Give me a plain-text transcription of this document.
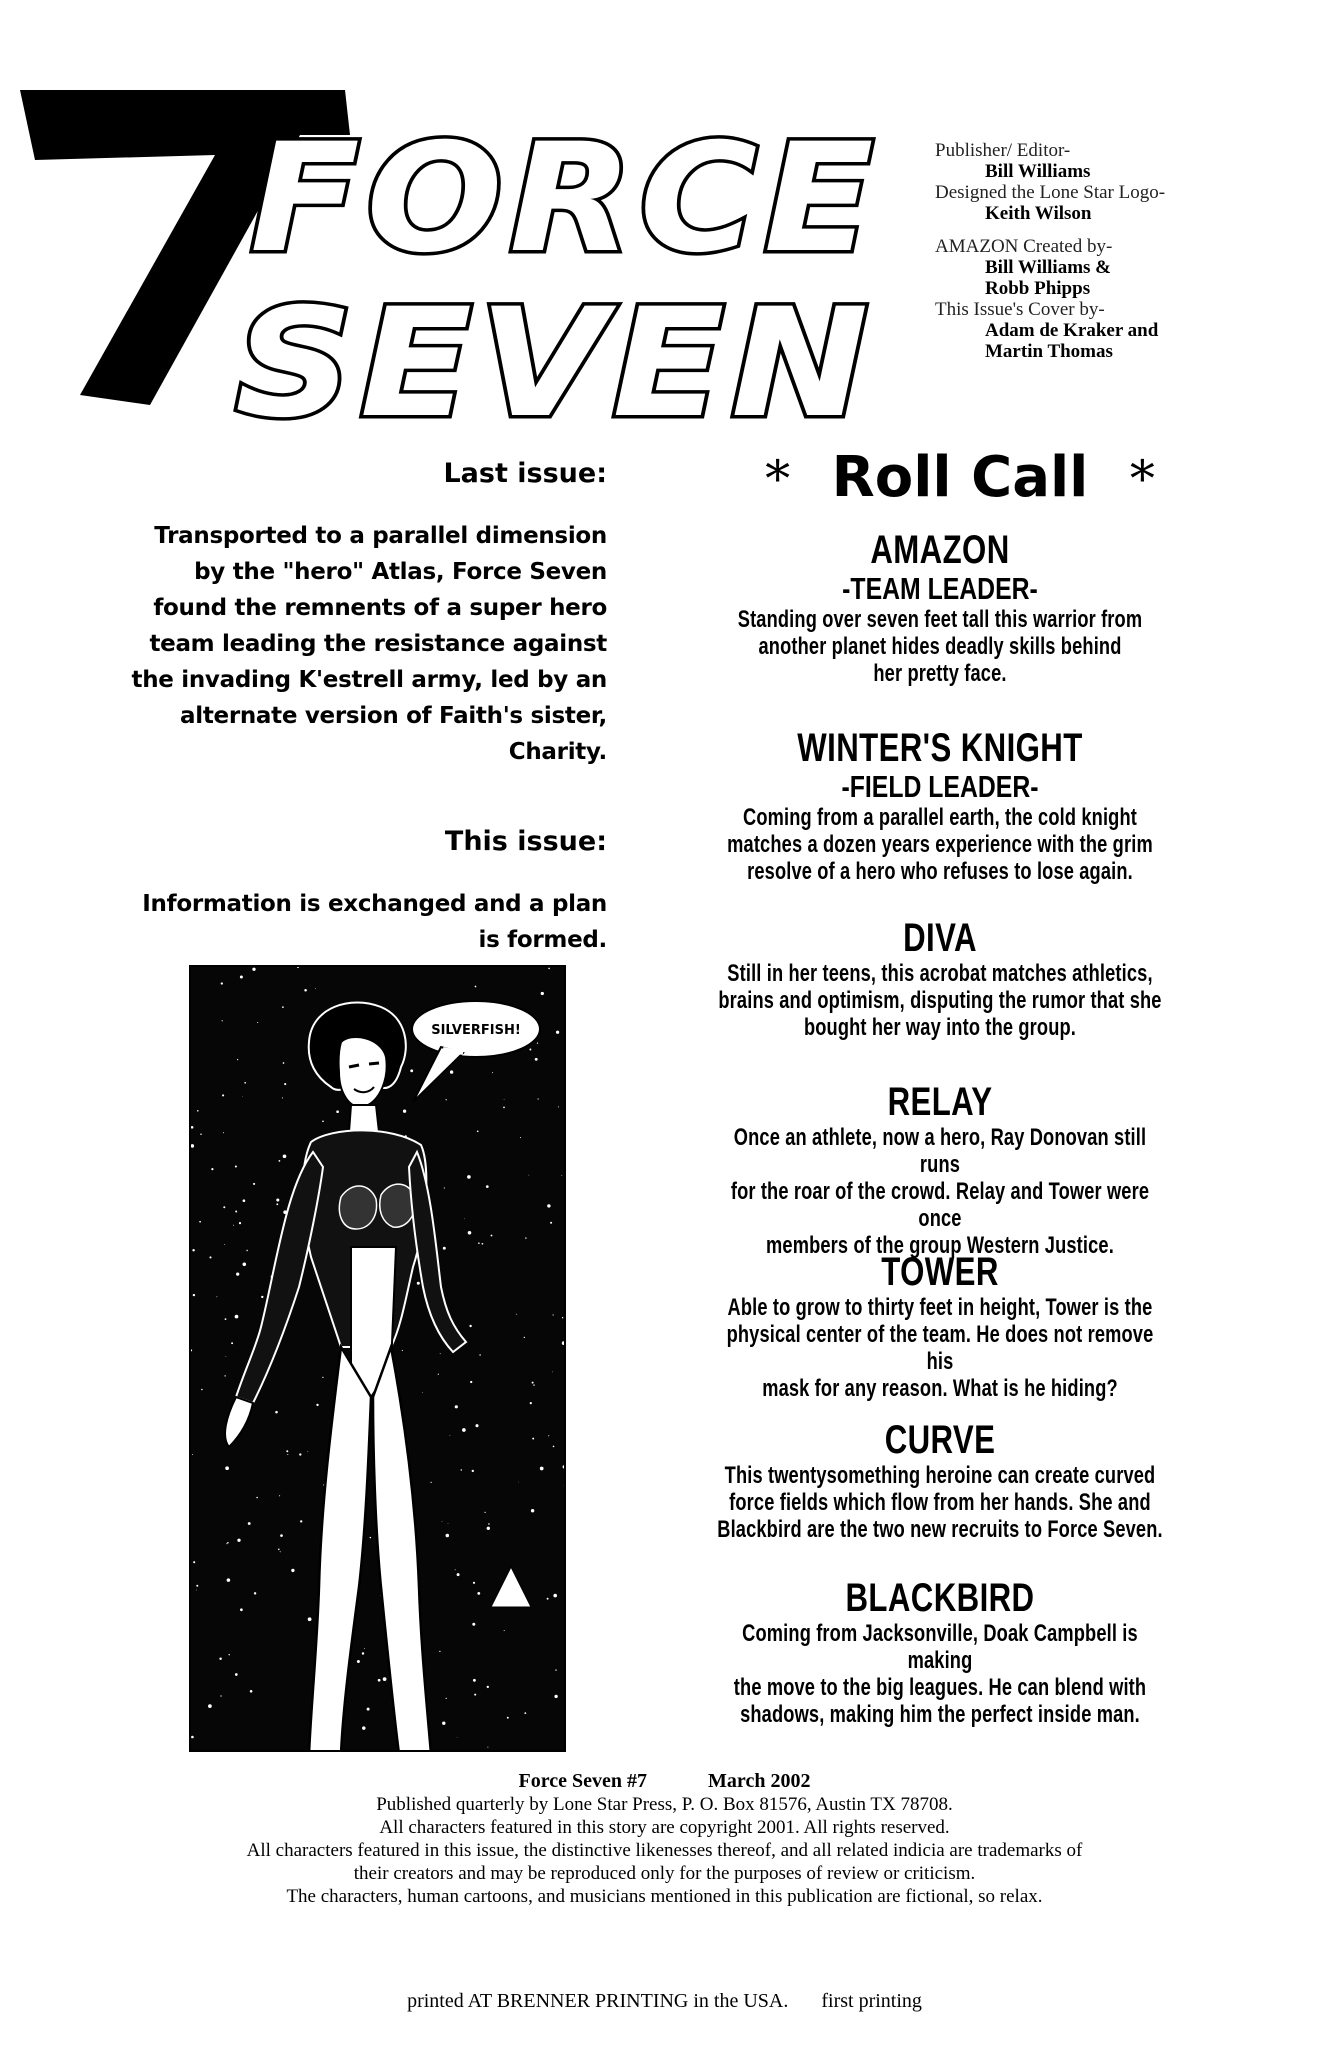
FORCE
SEVEN
Publisher/ Editor-
Bill Williams
Designed the Lone Star Logo-
Keith Wilson
AMAZON Created by-
Bill Williams &
Robb Phipps
This Issue's Cover by-
Adam de Kraker and
Martin Thomas
Last issue:
Transported to a parallel dimension by the "hero" Atlas, Force Seven found the remnents of a super hero team leading the resistance against the invading K'estrell army, led by an alternate version of Faith's sister, Charity.
This issue:
Information is exchanged and a plan is formed.
SILVERFISH!
* Roll Call *
AMAZON
-TEAM LEADER-
Standing over seven feet tall this warrior from
another planet hides deadly skills behind
her pretty face.
WINTER'S KNIGHT
-FIELD LEADER-
Coming from a parallel earth, the cold knight
matches a dozen years experience with the grim
resolve of a hero who refuses to lose again.
DIVA
Still in her teens, this acrobat matches athletics,
brains and optimism, disputing the rumor that she
bought her way into the group.
RELAY
Once an athlete, now a hero, Ray Donovan still runs
for the roar of the crowd. Relay and Tower were once
members of the group Western Justice.
TOWER
Able to grow to thirty feet in height, Tower is the
physical center of the team. He does not remove his
mask for any reason. What is he hiding?
CURVE
This twentysomething heroine can create curved
force fields which flow from her hands. She and
Blackbird are the two new recruits to Force Seven.
BLACKBIRD
Coming from Jacksonville, Doak Campbell is making
the move to the big leagues. He can blend with
shadows, making him the perfect inside man.
Force Seven #7	March 2002
Published quarterly by Lone Star Press, P. O. Box 81576, Austin TX 78708.
All characters featured in this story are copyright 2001. All rights reserved.
All characters featured in this issue, the distinctive likenesses thereof, and all related indicia are trademarks of
their creators and may be reproduced only for the purposes of review or criticism.
The characters, human cartoons, and musicians mentioned in this publication are fictional, so relax.
printed AT BRENNER PRINTING in the USA. first printing
